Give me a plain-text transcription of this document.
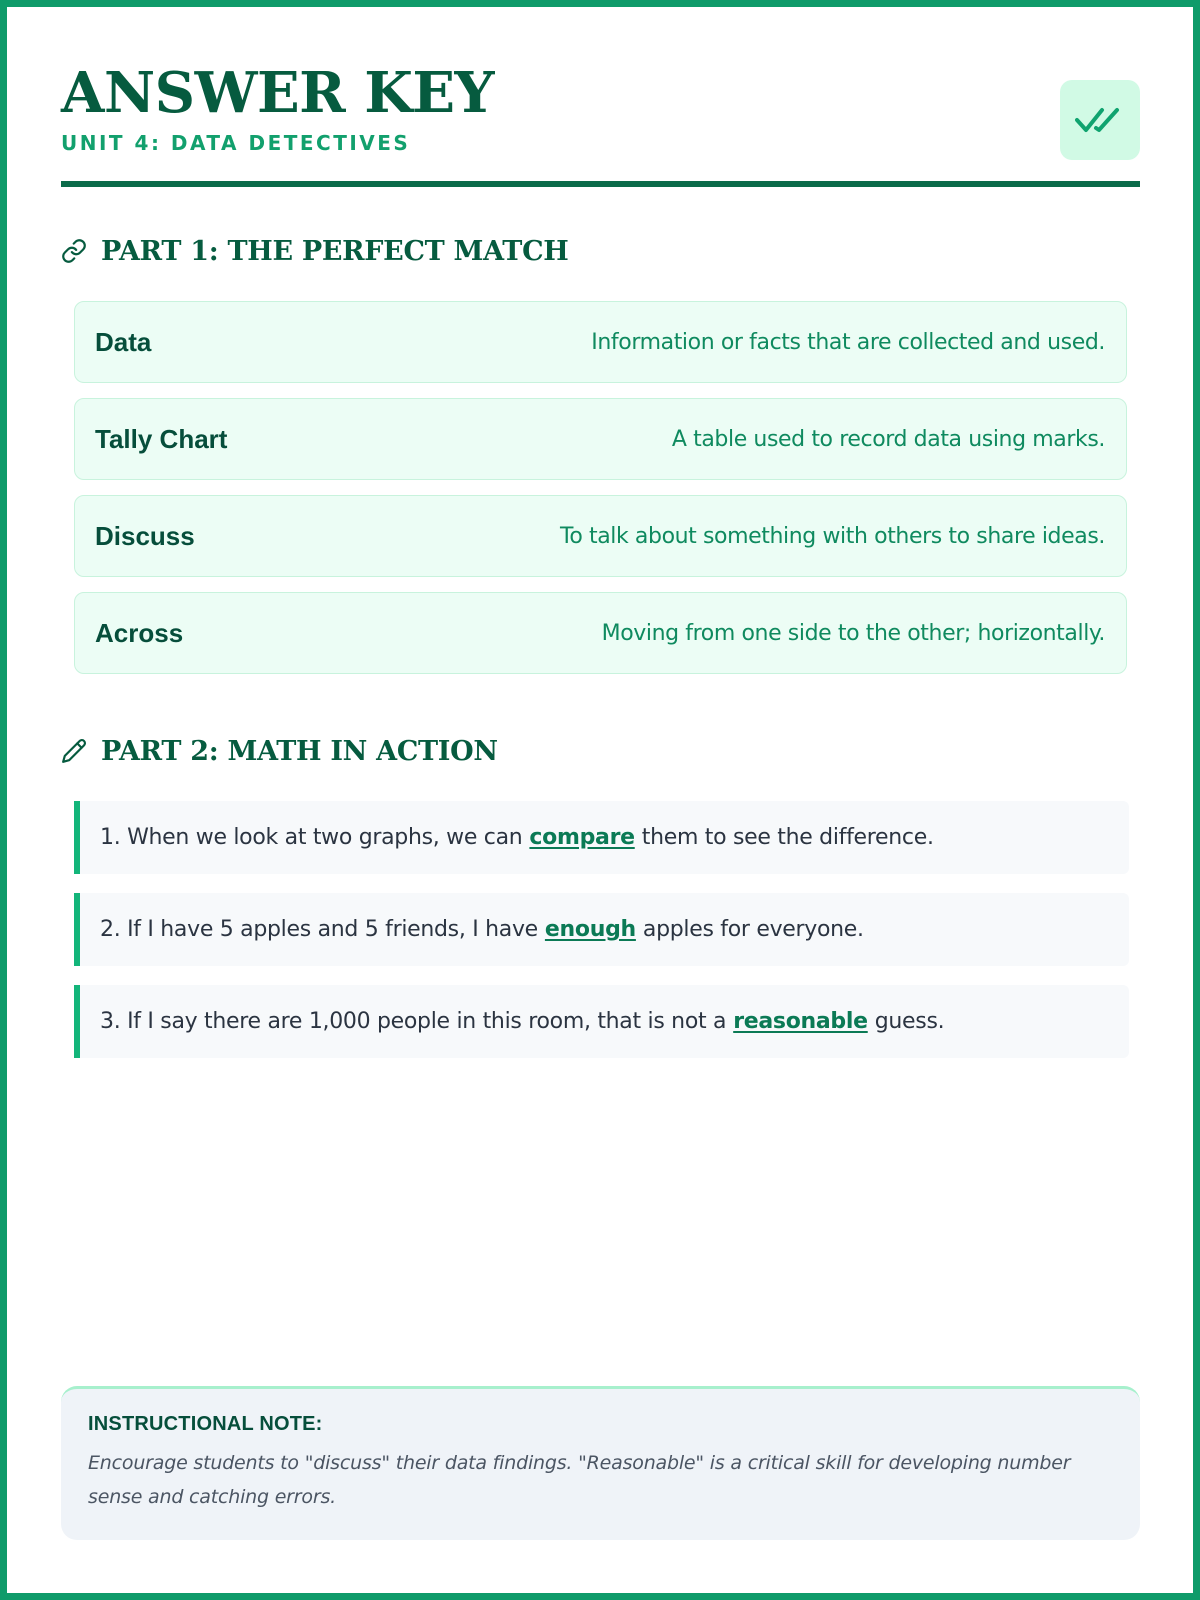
ANSWER KEY
UNIT 4: DATA DETECTIVES
PART 1: THE PERFECT MATCH
Data	Information or facts that are collected and used.
Tally Chart	A table used to record data using marks.
Discuss	To talk about something with others to share ideas.
Across	Moving from one side to the other; horizontally.
PART 2: MATH IN ACTION
1. When we look at two graphs, we can compare them to see the difference.
2. If I have 5 apples and 5 friends, I have enough apples for everyone.
3. If I say there are 1,000 people in this room, that is not a reasonable guess.
INSTRUCTIONAL NOTE:
Encourage students to "discuss" their data findings. "Reasonable" is a critical skill for developing number sense and catching errors.
